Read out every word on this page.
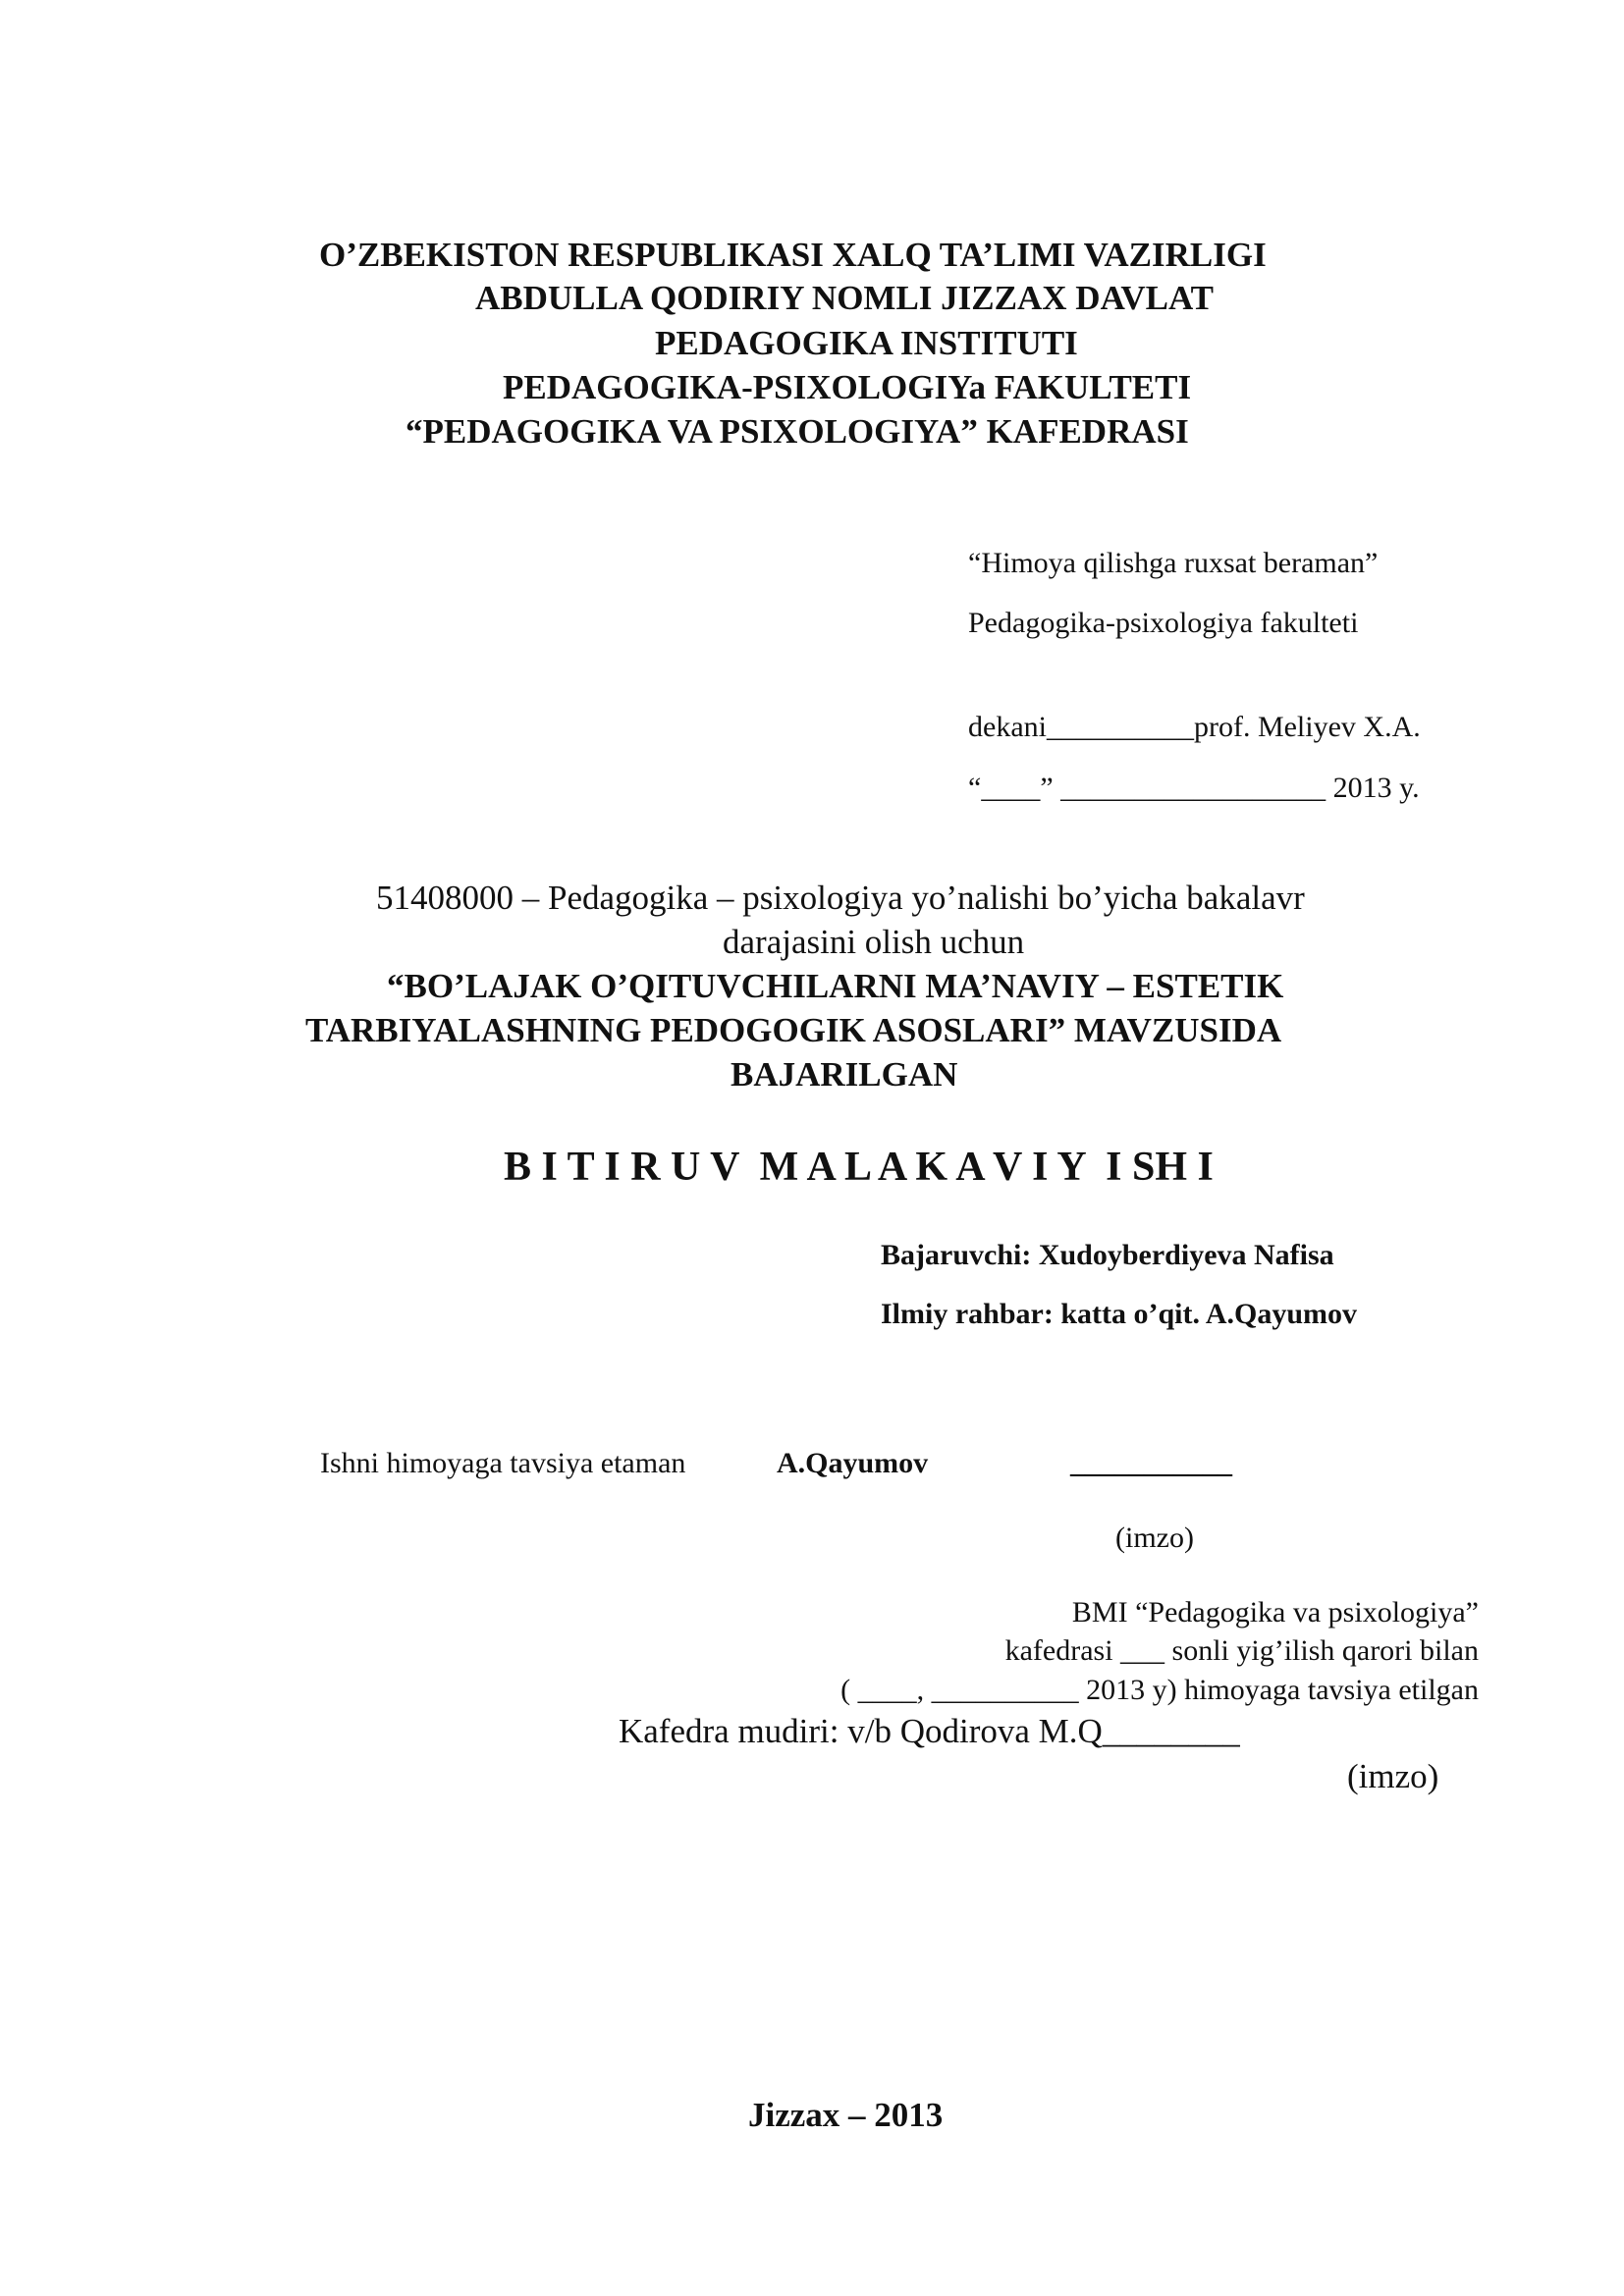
O’ZBEKISTON RESPUBLIKASI XALQ TA’LIMI VAZIRLIGI
ABDULLA QODIRIY NOMLI JIZZAX DAVLAT
PEDAGOGIKA INSTITUTI
PEDAGOGIKA-PSIXOLOGIYa FAKULTETI
“PEDAGOGIKA VA PSIXOLOGIYA” KAFEDRASI
“Himoya qilishga ruxsat beraman”
Pedagogika-psixologiya fakulteti
dekani__________prof. Meliyev X.A.
“____” __________________ 2013 y.
51408000 – Pedagogika – psixologiya yo’nalishi bo’yicha bakalavr
darajasini olish uchun
“BO’LAJAK O’QITUVCHILARNI MA’NAVIY – ESTETIK
TARBIYALASHNING PEDOGOGIK ASOSLARI” MAVZUSIDA
BAJARILGAN
B I T I R U V  M A L A K A V I Y  I SH I
Bajaruvchi: Xudoyberdiyeva Nafisa
Ilmiy rahbar: katta o’qit. A.Qayumov
Ishni himoyaga tavsiya etaman	A.Qayumov	___________
(imzo)
BMI “Pedagogika va psixologiya”
kafedrasi ___ sonli yig’ilish qarori bilan
( ____, __________ 2013 y) himoyaga tavsiya etilgan
Kafedra mudiri: v/b Qodirova M.Q________
(imzo)
Jizzax – 2013
